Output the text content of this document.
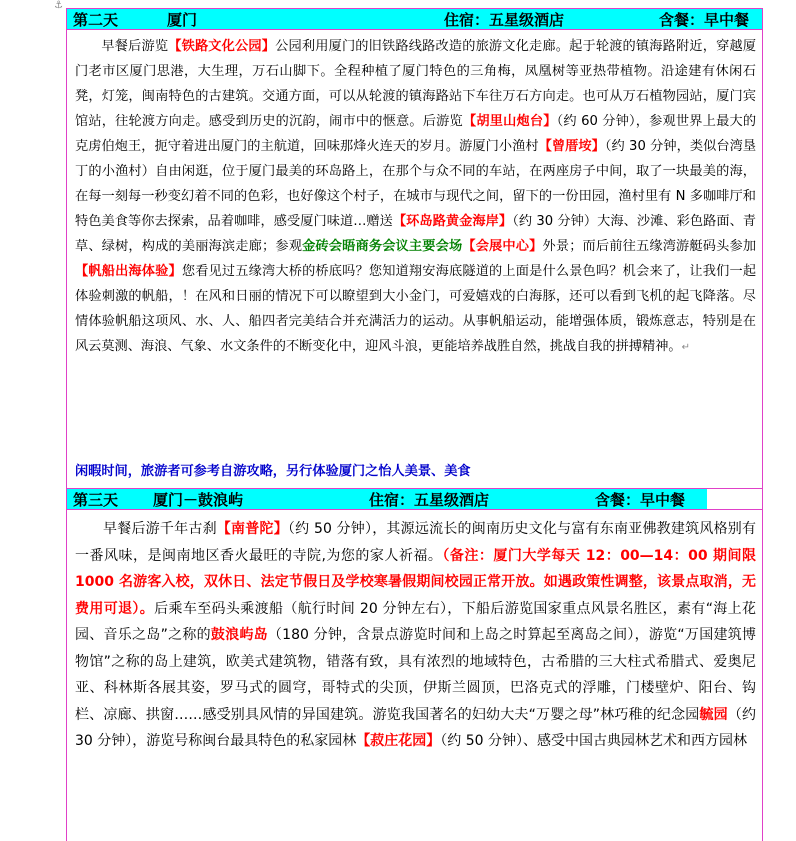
⚓
第二天	厦门	住宿：五星级酒店	含餐：早中餐

早餐后游览【铁路文化公园】公园利用厦门的旧铁路线路改造的旅游文化走廊。起于轮渡的镇海路附近，穿越厦门老市区厦门思港，大生理，万石山脚下。全程种植了厦门特色的三角梅，凤凰树等亚热带植物。沿途建有休闲石凳，灯笼，闽南特色的古建筑。交通方面，可以从轮渡的镇海路站下车往万石方向走。也可从万石植物园站，厦门宾馆站，往轮渡方向走。感受到历史的沉韵，闹市中的惬意。后游览【胡里山炮台】（约 60 分钟），参观世界上最大的克虏伯炮王，扼守着进出厦门的主航道，回味那烽火连天的岁月。游厦门小渔村【曾厝垵】（约 30 分钟，类似台湾垦丁的小渔村）自由闲逛，位于厦门最美的环岛路上，在那个与众不同的车站，在两座房子中间，取了一块最美的海，在每一刻每一秒变幻着不同的色彩，也好像这个村子，在城市与现代之间，留下的一份田园，渔村里有 N 多咖啡厅和特色美食等你去探索，品着咖啡，感受厦门味道…赠送【环岛路黄金海岸】（约 30 分钟）大海、沙滩、彩色路面、青草、绿树，构成的美丽海滨走廊；参观金砖会晤商务会议主要会场【会展中心】外景；而后前往五缘湾游艇码头参加【帆船出海体验】您看见过五缘湾大桥的桥底吗？您知道翔安海底隧道的上面是什么景色吗？机会来了，让我们一起体验刺激的帆船，！在风和日丽的情况下可以瞭望到大小金门，可爱嬉戏的白海豚，还可以看到飞机的起飞降落。尽情体验帆船这项风、水、人、船四者完美结合并充满活力的运动。从事帆船运动，能增强体质，锻炼意志，特别是在风云莫测、海浪、气象、水文条件的不断变化中，迎风斗浪，更能培养战胜自然，挑战自我的拼搏精神。↵

闲暇时间，旅游者可参考自游攻略，另行体验厦门之怡人美景、美食
第三天 厦门－鼓浪屿	住宿：五星级酒店	含餐：早中餐

早餐后游千年古刹【南普陀】（约 50 分钟），其源远流长的闽南历史文化与富有东南亚佛教建筑风格别有一番风味，是闽南地区香火最旺的寺院,为您的家人祈福。（备注：厦门大学每天 12：00—14：00 期间限 1000 名游客入校，双休日、法定节假日及学校寒暑假期间校园正常开放。如遇政策性调整，该景点取消，无费用可退）。后乘车至码头乘渡船（航行时间 20 分钟左右），下船后游览国家重点风景名胜区，素有“海上花园、音乐之岛”之称的鼓浪屿岛（180 分钟，含景点游览时间和上岛之时算起至离岛之间），游览“万国建筑博物馆”之称的岛上建筑，欧美式建筑物，错落有致，具有浓烈的地域特色，古希腊的三大柱式希腊式、爱奥尼亚、科林斯各展其姿，罗马式的圆穹，哥特式的尖顶，伊斯兰圆顶，巴洛克式的浮雕，门楼壁炉、阳台、钩栏、凉廊、拱窗……感受别具风情的异国建筑。游览我国著名的妇幼大夫“万婴之母”林巧稚的纪念园毓园（约 30 分钟），游览号称闽台最具特色的私家园林【菽庄花园】（约 50 分钟）、感受中国古典园林艺术和西方园林
